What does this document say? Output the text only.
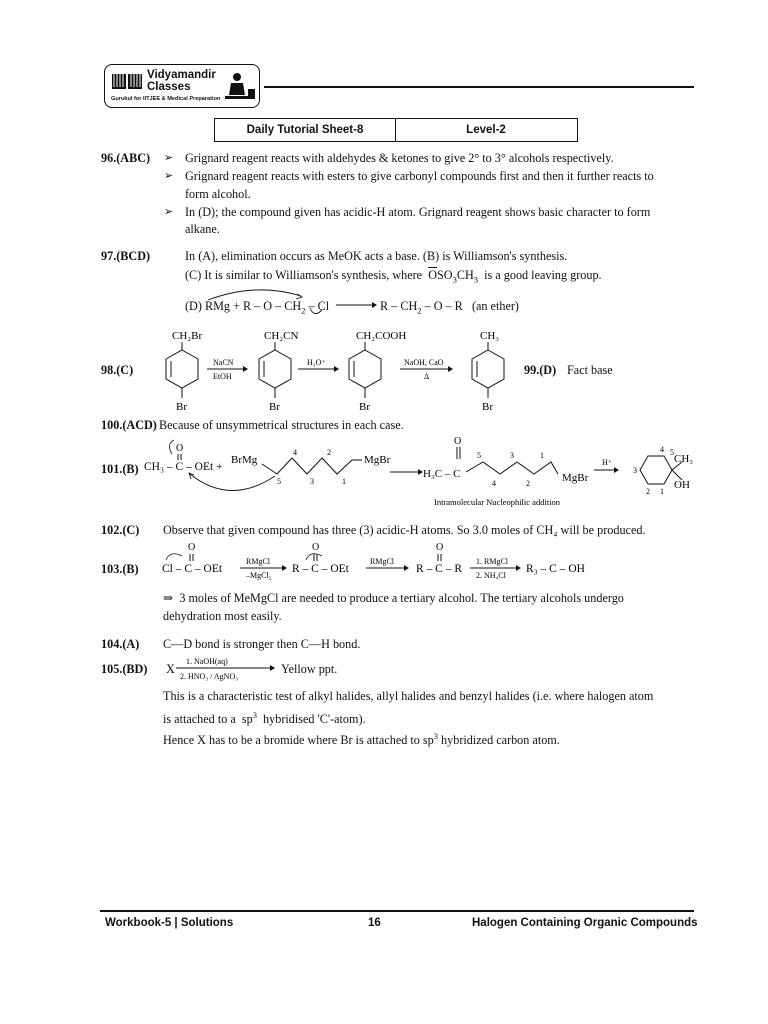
Vidyamandir
Classes
Gurukul for IITJEE & Medical Preparation
Daily Tutorial Sheet-8	Level-2
96.(ABC) ➢ Grignard reagent reacts with aldehydes & ketones to give 2° to 3° alcohols respectively.
➢ Grignard reagent reacts with esters to give carbonyl compounds first and then it further reacts to
form alcohol.
➢ In (D); the compound given has acidic-H atom. Grignard reagent shows basic character to form
alkane.
97.(BCD)	In (A), elimination occurs as MeOK acts a base. (B) is Williamson's synthesis.
(C) It is similar to Williamson's synthesis, where $\overline{O}SO_3CH_3$ is a good leaving group.
(D) RMg + $R - O - CH_2 - Cl \to R - CH_2 - O - R$ (an ether)
98.(C)
CH₂Br	CH₂CN	CH₂COOH	CH₃
Br	Br	Br	Br
NaCN
EtOH
H₃O⁺	NaOH, CaO
Δ	99.(D) Fact base
100.(ACD) Because of unsymmetrical structures in each case.
101.(B) CH₃ – C – OEt +
O
BrMg
4	2
5	3	1
MgBr
H₃C – C
O
5	3	1
4	2	MgBr
H⁺
4 5
3
2 1
CH₃
OH
Intramolecular Nucleophilic addition
102.(C) Observe that given compound has three (3) acidic-H atoms. So 3.0 moles of CH₄ will be produced.
103.(B) Cl – C – OEt
O
RMgCl
–MgCl₂
R – C – OEt
O
RMgCl
R – C – R
O
1. RMgCl
2. NH₄Cl
R₃ – C – OH
⇒ 3 moles of MeMgCl are needed to produce a tertiary alcohol. The tertiary alcohols undergo
dehydration most easily.
104.(A) C—D bond is stronger then C—H bond.
105.(BD) X
1. NaOH(aq)
2. HNO₃ / AgNO₃
Yellow ppt.
This is a characteristic test of alkyl halides, allyl halides and benzyl halides (i.e. where halogen atom
is attached to a $sp^3$ hybridised 'C'-atom).
Hence X has to be a bromide where Br is attached to $sp^3$ hybridized carbon atom.
Workbook-5 | Solutions	16	Halogen Containing Organic Compounds
